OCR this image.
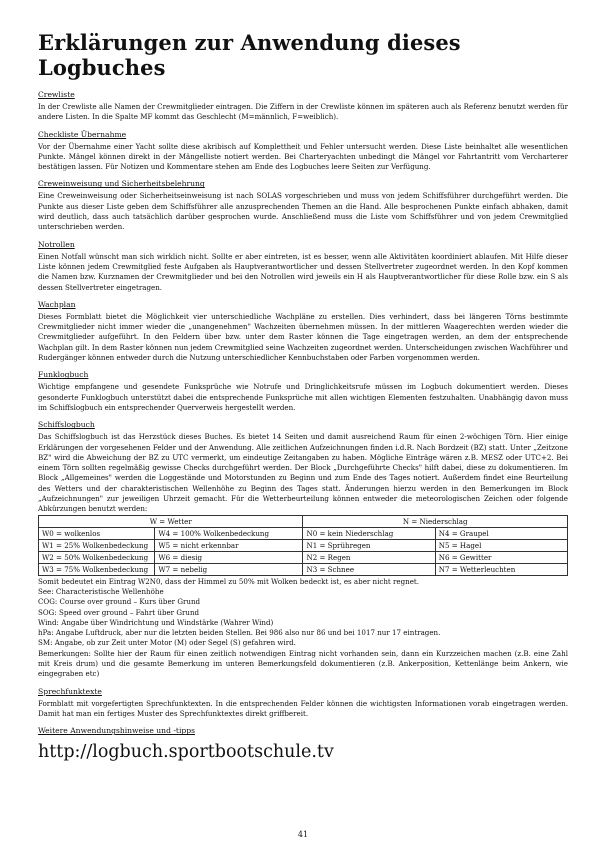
Erklärungen zur Anwendung dieses Logbuches
Crewliste

In der Crewliste alle Namen der Crewmitglieder eintragen. Die Ziffern in der Crewliste können im späteren auch als Referenz benutzt werden für andere Listen. In die Spalte MF kommt das Geschlecht (M=männlich, F=weiblich).

Checkliste Übernahme

Vor der Übernahme einer Yacht sollte diese akribisch auf Komplettheit und Fehler untersucht werden. Diese Liste beinhaltet alle wesentlichen Punkte. Mängel können direkt in der Mängelliste notiert werden. Bei Charteryachten unbedingt die Mängel vor Fahrtantritt vom Vercharterer bestätigen lassen. Für Notizen und Kommentare stehen am Ende des Logbuches leere Seiten zur Verfügung.

Creweinweisung und Sicherheitsbelehrung

Eine Creweinweisung oder Sicherheitseinweisung ist nach SOLAS vorgeschrieben und muss von jedem Schiffsführer durchgeführt werden. Die Punkte aus dieser Liste geben dem Schiffsführer alle anzusprechenden Themen an die Hand. Alle besprochenen Punkte einfach abhaken, damit wird deutlich, dass auch tatsächlich darüber gesprochen wurde. Anschließend muss die Liste vom Schiffsführer und von jedem Crewmitglied unterschrieben werden.

Notrollen

Einen Notfall wünscht man sich wirklich nicht. Sollte er aber eintreten, ist es besser, wenn alle Aktivitäten koordiniert ablaufen. Mit Hilfe dieser Liste können jedem Crewmitglied feste Aufgaben als Hauptverantwortlicher und dessen Stellvertreter zugeordnet werden. In den Kopf kommen die Namen bzw. Kurznamen der Crewmitglieder und bei den Notrollen wird jeweils ein H als Hauptverantwortlicher für diese Rolle bzw. ein S als dessen Stellvertreter eingetragen.

Wachplan

Dieses Formblatt bietet die Möglichkeit vier unterschiedliche Wachpläne zu erstellen. Dies verhindert, dass bei längeren Törns bestimmte Crewmitglieder nicht immer wieder die „unangenehmen" Wachzeiten übernehmen müssen. In der mittleren Waagerechten werden wieder die Crewmitglieder aufgeführt. In den Feldern über bzw. unter dem Raster können die Tage eingetragen werden, an dem der entsprechende Wachplan gilt. In dem Raster können nun jedem Crewmitglied seine Wachzeiten zugeordnet werden. Unterscheidungen zwischen Wachführer und Rudergänger können entweder durch die Nutzung unterschiedlicher Kennbuchstaben oder Farben vorgenommen werden.

Funklogbuch

Wichtige empfangene und gesendete Funksprüche wie Notrufe und Dringlichkeitsrufe müssen im Logbuch dokumentiert werden. Dieses gesonderte Funklogbuch unterstützt dabei die entsprechende Funksprüche mit allen wichtigen Elementen festzuhalten. Unabhängig davon muss im Schiffslogbuch ein entsprechender Querverweis hergestellt werden.

Schiffslogbuch

Das Schiffslogbuch ist das Herzstück dieses Buches. Es bietet 14 Seiten und damit ausreichend Raum für einen 2-wöchigen Törn. Hier einige Erklärungen der vorgesehenen Felder und der Anwendung. Alle zeitlichen Aufzeichnungen finden i.d.R. Nach Bordzeit (BZ) statt. Unter „Zeitzone BZ" wird die Abweichung der BZ zu UTC vermerkt, um eindeutige Zeitangaben zu haben. Mögliche Einträge wären z.B. MESZ oder UTC+2. Bei einem Törn sollten regelmäßig gewisse Checks durchgeführt werden. Der Block „Durchgeführte Checks" hilft dabei, diese zu dokumentieren. Im Block „Allgemeines" werden die Loggestände und Motorstunden zu Beginn und zum Ende des Tages notiert. Außerdem findet eine Beurteilung des Wetters und der charakteristischen Wellenhöhe zu Beginn des Tages statt. Änderungen hierzu werden in den Bemerkungen im Block „Aufzeichnungen" zur jeweiligen Uhrzeit gemacht. Für die Wetterbeurteilung können entweder die meteorologischen Zeichen oder folgende Abkürzungen benutzt werden:

W = Wetter		N = Niederschlag	
W0 = wolkenlos	W4 = 100% Wolkenbedeckung	N0 = kein Niederschlag	N4 = Graupel
W1 = 25% Wolkenbedeckung	W5 = nicht erkennbar	N1 = Sprühregen	N5 = Hagel
W2 = 50% Wolkenbedeckung	W6 = diesig	N2 = Regen	N6 = Gewitter
W3 = 75% Wolkenbedeckung	W7 = nebelig	N3 = Schnee	N7 = Wetterleuchten

Somit bedeutet ein Eintrag W2N0, dass der Himmel zu 50% mit Wolken bedeckt ist, es aber nicht regnet.

See: Characteristische Wellenhöhe

COG: Course over ground – Kurs über Grund

SOG: Speed over ground – Fahrt über Grund

Wind: Angabe über Windrichtung und Windstärke (Wahrer Wind)

hPa: Angabe Luftdruck, aber nur die letzten beiden Stellen. Bei 986 also nur 86 und bei 1017 nur 17 eintragen.

SM: Angabe, ob zur Zeit unter Motor (M) oder Segel (S) gefahren wird.

Bemerkungen: Sollte hier der Raum für einen zeitlich notwendigen Eintrag nicht vorhanden sein, dann ein Kurzzeichen machen (z.B. eine Zahl mit Kreis drum) und die gesamte Bemerkung im unteren Bemerkungsfeld dokumentieren (z.B. Ankerposition, Kettenlänge beim Ankern, wie eingegraben etc)

Sprechfunktexte

Formblatt mit vorgefertigten Sprechfunktexten. In die entsprechenden Felder können die wichtigsten Informationen vorab eingetragen werden. Damit hat man ein fertiges Muster des Sprechfunktextes direkt griffbereit.

Weitere Anwendungshinweise und -tipps
http://logbuch.sportbootschule.tv
41
